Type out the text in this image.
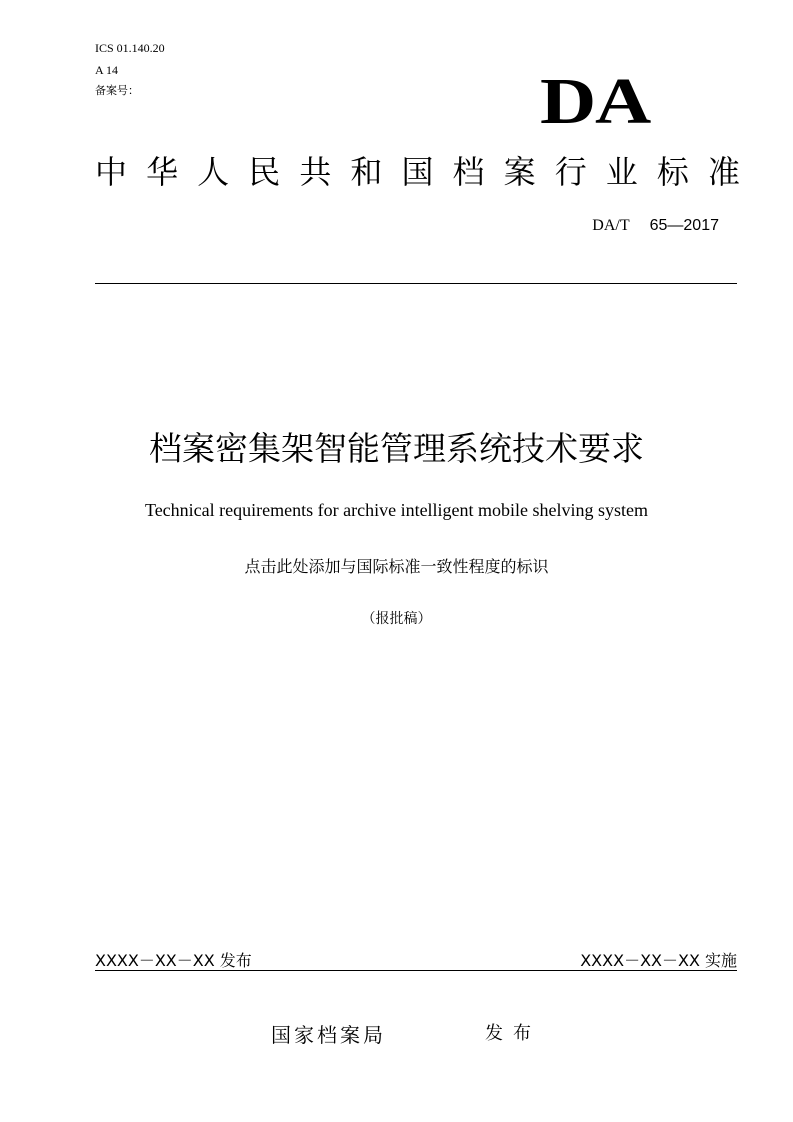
ICS 01.140.20
A 14
备案号：	DA
中 华 人 民 共 和 国 档 案 行 业 标 准
DA/T 65—2017
档案密集架智能管理系统技术要求
Technical requirements for archive intelligent mobile shelving system
点击此处添加与国际标准一致性程度的标识
（报批稿）
XXXX－XX－XX 发布	XXXX－XX－XX 实施
国家档案局	发布
